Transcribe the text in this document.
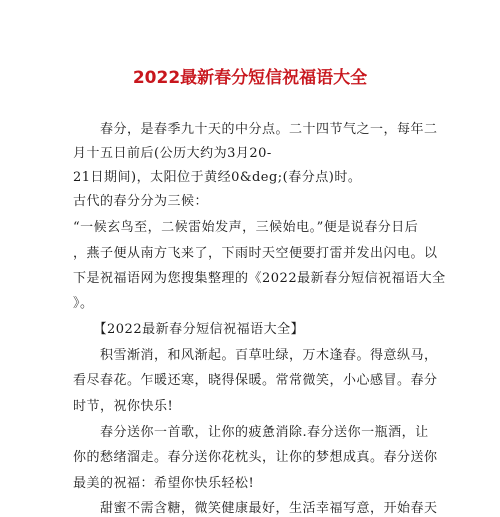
2022最新春分短信祝福语大全
　　春分，是春季九十天的中分点。二十四节气之一，每年二
月十五日前后(公历大约为3月20-
21日期间)，太阳位于黄经0&deg;(春分点)时。
古代的春分分为三候：
“一候玄鸟至，二候雷始发声，三候始电。”便是说春分日后
，燕子便从南方飞来了，下雨时天空便要打雷并发出闪电。以
下是祝福语网为您搜集整理的《2022最新春分短信祝福语大全
》。
　　【2022最新春分短信祝福语大全】
　　积雪渐消，和风渐起。百草吐绿，万木逢春。得意纵马，
看尽春花。乍暖还寒，晓得保暖。常常微笑，小心感冒。春分
时节，祝你快乐!
　　春分送你一首歌，让你的疲惫消除.春分送你一瓶酒，让
你的愁绪溜走。春分送你花枕头，让你的梦想成真。春分送你
最美的祝福：希望你快乐轻松!
　　甜蜜不需含糖，微笑健康最好，生活幸福写意，开始春天
